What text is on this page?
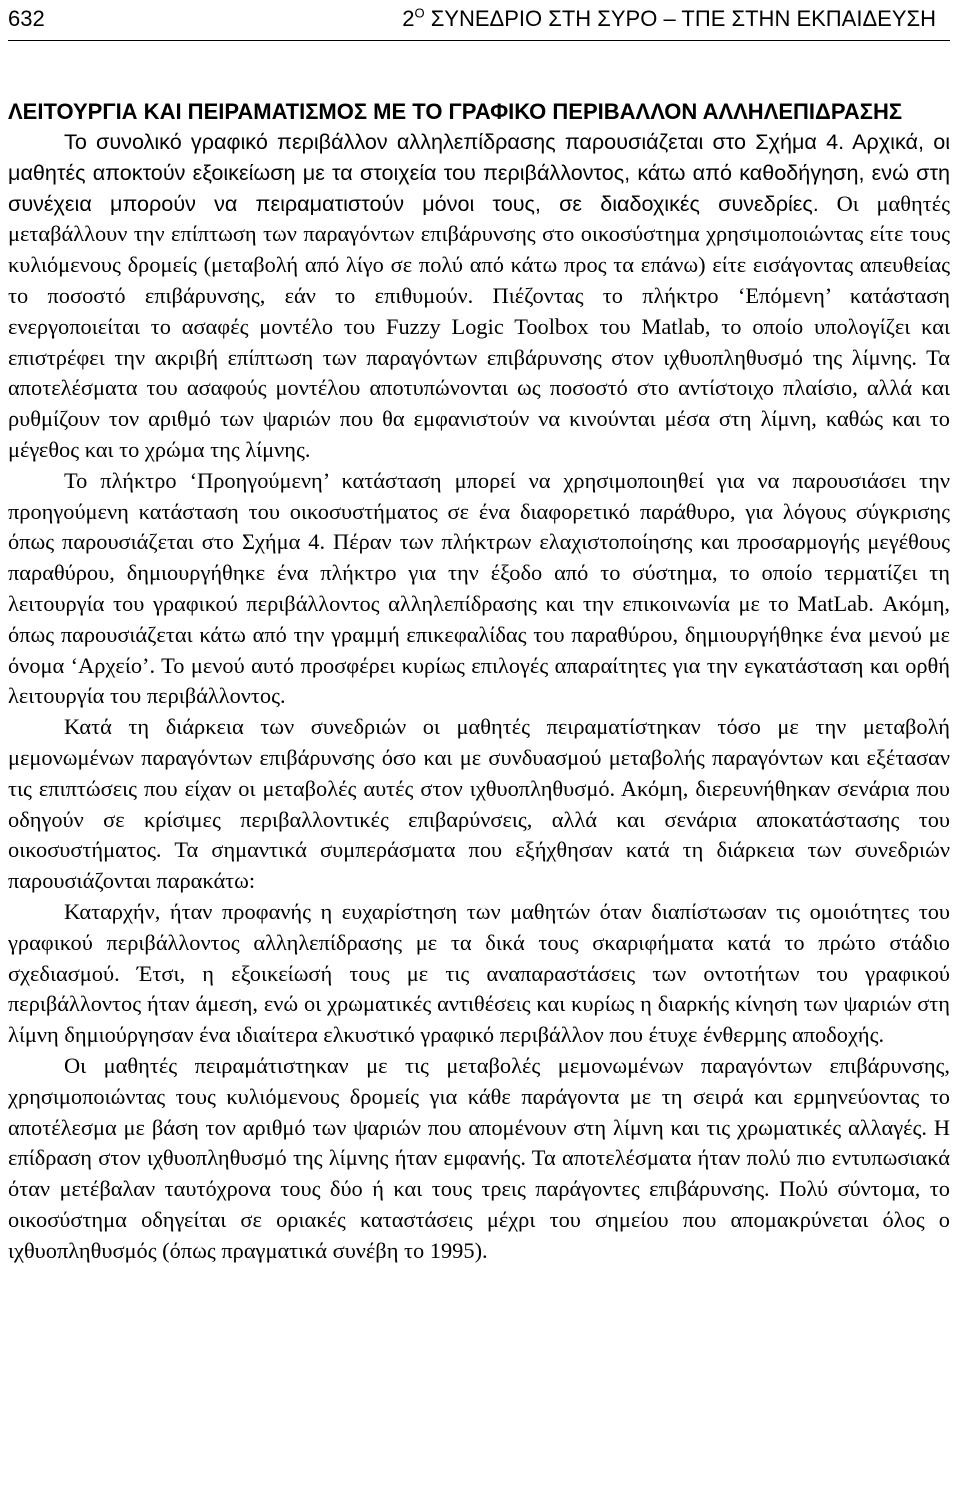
632	$2^O$ ΣΥΝΕΔΡΙΟ ΣΤΗ ΣΥΡΟ – ΤΠΕ ΣΤΗΝ ΕΚΠΑΙΔΕΥΣΗ
ΛΕΙΤΟΥΡΓΙΑ ΚΑΙ ΠΕΙΡΑΜΑΤΙΣΜΟΣ ΜΕ ΤΟ ΓΡΑΦΙΚΟ ΠΕΡΙΒΑΛΛΟΝ ΑΛΛΗΛΕΠΙΔΡΑΣΗΣ

Το συνολικό γραφικό περιβάλλον αλληλεπίδρασης παρουσιάζεται στο Σχήμα 4. Αρχικά, οι μαθητές αποκτούν εξοικείωση με τα στοιχεία του περιβάλλοντος, κάτω από καθοδήγηση, ενώ στη συνέχεια μπορούν να πειραματιστούν μόνοι τους, σε διαδοχικές συνεδρίες. Οι μαθητές μεταβάλλουν την επίπτωση των παραγόντων επιβάρυνσης στο οικοσύστημα χρησιμοποιώντας είτε τους κυλιόμενους δρομείς (μεταβολή από λίγο σε πολύ από κάτω προς τα επάνω) είτε εισάγοντας απευθείας το ποσοστό επιβάρυνσης, εάν το επιθυμούν. Πιέζοντας το πλήκτρο ‘Επόμενη’ κατάσταση ενεργοποιείται το ασαφές μοντέλο του Fuzzy Logic Toolbox του Matlab, το οποίο υπολογίζει και επιστρέφει την ακριβή επίπτωση των παραγόντων επιβάρυνσης στον ιχθυοπληθυσμό της λίμνης. Τα αποτελέσματα του ασαφούς μοντέλου αποτυπώνονται ως ποσοστό στο αντίστοιχο πλαίσιο, αλλά και ρυθμίζουν τον αριθμό των ψαριών που θα εμφανιστούν να κινούνται μέσα στη λίμνη, καθώς και το μέγεθος και το χρώμα της λίμνης.

Το πλήκτρο ‘Προηγούμενη’ κατάσταση μπορεί να χρησιμοποιηθεί για να παρουσιάσει την προηγούμενη κατάσταση του οικοσυστήματος σε ένα διαφορετικό παράθυρο, για λόγους σύγκρισης όπως παρουσιάζεται στο Σχήμα 4. Πέραν των πλήκτρων ελαχιστοποίησης και προσαρμογής μεγέθους παραθύρου, δημιουργήθηκε ένα πλήκτρο για την έξοδο από το σύστημα, το οποίο τερματίζει τη λειτουργία του γραφικού περιβάλλοντος αλληλεπίδρασης και την επικοινωνία με το MatLab. Ακόμη, όπως παρουσιάζεται κάτω από την γραμμή επικεφαλίδας του παραθύρου, δημιουργήθηκε ένα μενού με όνομα ‘Αρχείο’. Το μενού αυτό προσφέρει κυρίως επιλογές απαραίτητες για την εγκατάσταση και ορθή λειτουργία του περιβάλλοντος.

Κατά τη διάρκεια των συνεδριών οι μαθητές πειραματίστηκαν τόσο με την μεταβολή μεμονωμένων παραγόντων επιβάρυνσης όσο και με συνδυασμού μεταβολής παραγόντων και εξέτασαν τις επιπτώσεις που είχαν οι μεταβολές αυτές στον ιχθυοπληθυσμό. Ακόμη, διερευνήθηκαν σενάρια που οδηγούν σε κρίσιμες περιβαλλοντικές επιβαρύνσεις, αλλά και σενάρια αποκατάστασης του οικοσυστήματος. Τα σημαντικά συμπεράσματα που εξήχθησαν κατά τη διάρκεια των συνεδριών παρουσιάζονται παρακάτω:

Καταρχήν, ήταν προφανής η ευχαρίστηση των μαθητών όταν διαπίστωσαν τις ομοιότητες του γραφικού περιβάλλοντος αλληλεπίδρασης με τα δικά τους σκαριφήματα κατά το πρώτο στάδιο σχεδιασμού. Έτσι, η εξοικείωσή τους με τις αναπαραστάσεις των οντοτήτων του γραφικού περιβάλλοντος ήταν άμεση, ενώ οι χρωματικές αντιθέσεις και κυρίως η διαρκής κίνηση των ψαριών στη λίμνη δημιούργησαν ένα ιδιαίτερα ελκυστικό γραφικό περιβάλλον που έτυχε ένθερμης αποδοχής.

Οι μαθητές πειραμάτιστηκαν με τις μεταβολές μεμονωμένων παραγόντων επιβάρυνσης, χρησιμοποιώντας τους κυλιόμενους δρομείς για κάθε παράγοντα με τη σειρά και ερμηνεύοντας το αποτέλεσμα με βάση τον αριθμό των ψαριών που απομένουν στη λίμνη και τις χρωματικές αλλαγές. Η επίδραση στον ιχθυοπληθυσμό της λίμνης ήταν εμφανής. Τα αποτελέσματα ήταν πολύ πιο εντυπωσιακά όταν μετέβαλαν ταυτόχρονα τους δύο ή και τους τρεις παράγοντες επιβάρυνσης. Πολύ σύντομα, το οικοσύστημα οδηγείται σε οριακές καταστάσεις μέχρι του σημείου που απομακρύνεται όλος ο ιχθυοπληθυσμός (όπως πραγματικά συνέβη το 1995).
